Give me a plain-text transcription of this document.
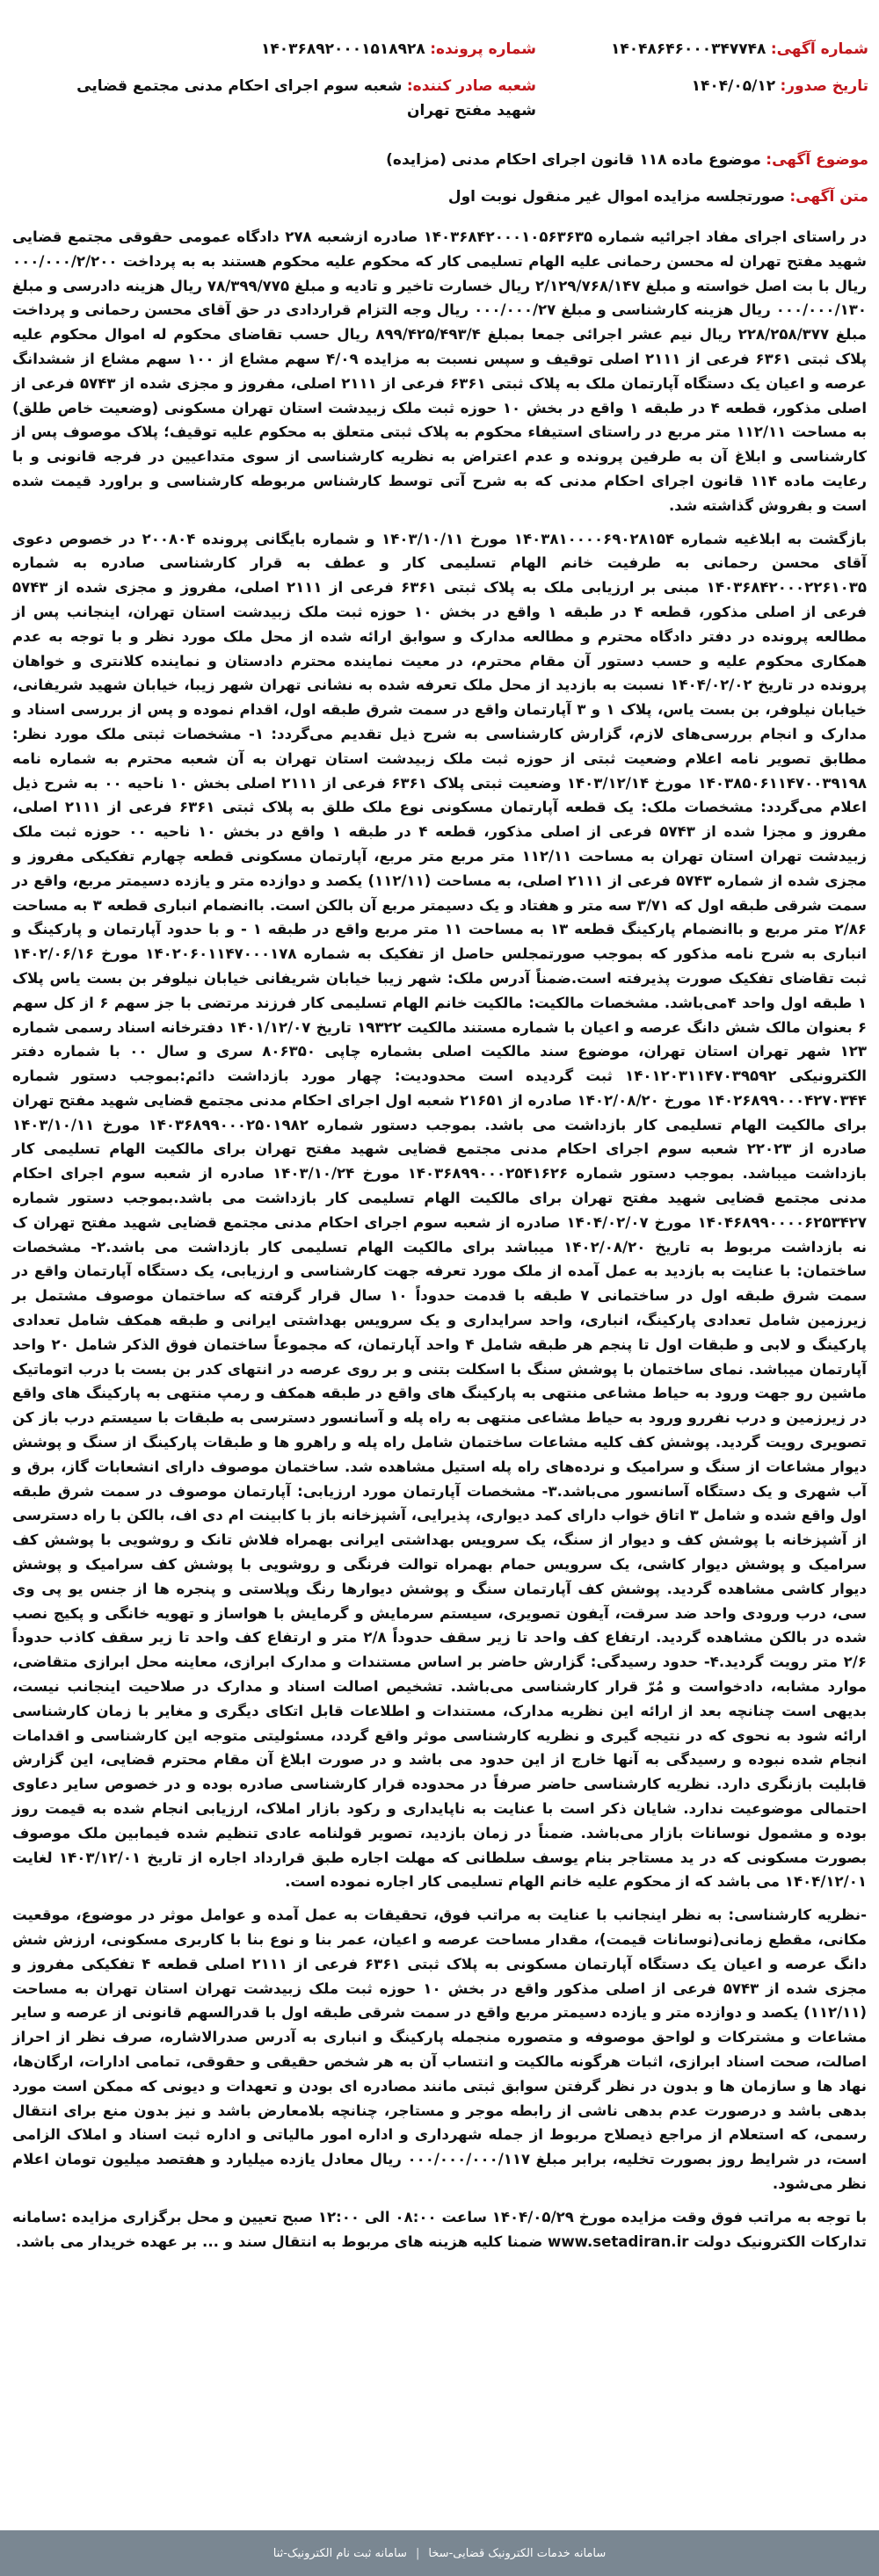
شماره آگهی: ۱۴۰۴۸۶۴۶۰۰۰۳۴۷۷۴۸
تاریخ صدور: ۱۴۰۴/۰۵/۱۲
شماره پرونده: ۱۴۰۳۶۸۹۲۰۰۰۱۵۱۸۹۲۸
شعبه صادر کننده: شعبه سوم اجرای احکام مدنی مجتمع قضایی شهید مفتح تهران
موضوع آگهی: موضوع ماده ۱۱۸ قانون اجرای احکام مدنی (مزایده)
متن آگهی: صورتجلسه مزایده اموال غیر منقول نوبت اول

در راستای اجرای مفاد اجرائیه شماره ۱۴۰۳۶۸۴۲۰۰۰۱۰۵۶۳۶۳۵ صادره ازشعبه ۲۷۸ دادگاه عمومی حقوقی مجتمع قضایی شهید مفتح تهران له محسن رحمانی علیه الهام تسلیمی کار که محکوم علیه محکوم هستند به به پرداخت ۰۰۰/۰۰۰/۲/۲۰۰ ریال با بت اصل خواسته و مبلغ ۲/۱۲۹/۷۶۸/۱۴۷ ریال خسارت تاخیر و تادیه و مبلغ ۷۸/۳۹۹/۷۷۵ ریال هزینه دادرسی و مبلغ ۰۰۰/۰۰۰/۱۳۰ ریال هزینه کارشناسی و مبلغ ۰۰۰/۰۰۰/۲۷ ریال وجه التزام قراردادی در حق آقای محسن رحمانی و پرداخت مبلغ ۲۲۸/۲۵۸/۳۷۷ ریال نیم عشر اجرائی جمعا بمبلغ ۸۹۹/۴۲۵/۴۹۳/۴ ریال حسب تقاضای محکوم له اموال محکوم علیه پلاک ثبتی ۶۳۶۱ فرعی از ۲۱۱۱ اصلی توقیف و سپس نسبت به مزایده ۴/۰۹ سهم مشاع از ۱۰۰ سهم مشاع از ششدانگ عرصه و اعیان یک دستگاه آپارتمان ملک به پلاک ثبتی ۶۳۶۱ فرعی از ۲۱۱۱ اصلی، مفروز و مجزی شده از ۵۷۴۳ فرعی از اصلی مذکور، قطعه ۴ در طبقه ۱ واقع در بخش ۱۰ حوزه ثبت ملک زبیدشت استان تهران مسکونی (وضعیت خاص طلق) به مساحت ۱۱۲/۱۱ متر مربع در راستای استیفاء محکوم به پلاک ثبتی متعلق به محکوم علیه توقیف؛ پلاک موصوف پس از کارشناسی و ابلاغ آن به طرفین پرونده و عدم اعتراض به نظریه کارشناسی از سوی متداعیین در فرجه قانونی و با رعایت ماده ۱۱۴ قانون اجرای احکام مدنی که به شرح آتی توسط کارشناس مربوطه کارشناسی و براورد قیمت شده است و بفروش گذاشته شد.

بازگشت به ابلاغیه شماره ۱۴۰۳۸۱۰۰۰۰۶۹۰۲۸۱۵۴ مورخ ۱۴۰۳/۱۰/۱۱ و شماره بایگانی پرونده ۲۰۰۸۰۴ در خصوص دعوی آقای محسن رحمانی به طرفیت خانم الهام تسلیمی کار و عطف به قرار کارشناسی صادره به شماره ۱۴۰۳۶۸۴۲۰۰۰۲۲۶۱۰۳۵ مبنی بر ارزیابی ملک به پلاک ثبتی ۶۳۶۱ فرعی از ۲۱۱۱ اصلی، مفروز و مجزی شده از ۵۷۴۳ فرعی از اصلی مذکور، قطعه ۴ در طبقه ۱ واقع در بخش ۱۰ حوزه ثبت ملک زبیدشت استان تهران، اینجانب پس از مطالعه پرونده در دفتر دادگاه محترم و مطالعه مدارک و سوابق ارائه شده از محل ملک مورد نظر و با توجه به عدم همکاری محکوم علیه و حسب دستور آن مقام محترم، در معیت نماینده محترم دادستان و نماینده کلانتری و خواهان پرونده در تاریخ ۱۴۰۴/۰۲/۰۲ نسبت به بازدید از محل ملک تعرفه شده به نشانی تهران شهر زیبا، خیابان شهید شریفانی، خیابان نیلوفر، بن بست یاس، پلاک ۱ و ۳ آپارتمان واقع در سمت شرق طبقه اول، اقدام نموده و پس از بررسی اسناد و مدارک و انجام بررسی‌های لازم، گزارش کارشناسی به شرح ذیل تقدیم می‌گردد: ۱- مشخصات ثبتی ملک مورد نظر: مطابق تصویر نامه اعلام وضعیت ثبتی از حوزه ثبت ملک زبیدشت استان تهران به آن شعبه محترم به شماره نامه ۱۴۰۳۸۵۰۶۱۱۴۷۰۰۳۹۱۹۸ مورخ ۱۴۰۳/۱۲/۱۴ وضعیت ثبتی پلاک ۶۳۶۱ فرعی از ۲۱۱۱ اصلی بخش ۱۰ ناحیه ۰۰ به شرح ذیل اعلام می‌گردد: مشخصات ملک: یک قطعه آپارتمان مسکونی نوع ملک طلق به پلاک ثبتی ۶۳۶۱ فرعی از ۲۱۱۱ اصلی، مفروز و مجزا شده از ۵۷۴۳ فرعی از اصلی مذکور، قطعه ۴ در طبقه ۱ واقع در بخش ۱۰ ناحیه ۰۰ حوزه ثبت ملک زبیدشت تهران استان تهران به مساحت ۱۱۲/۱۱ متر مربع متر مربع، آپارتمان مسکونی قطعه چهارم تفکیکی مفروز و مجزی شده از شماره ۵۷۴۳ فرعی از ۲۱۱۱ اصلی، به مساحت (۱۱۲/۱۱) یکصد و دوازده متر و یازده دسیمتر مربع، واقع در سمت شرقی طبقه اول که ۳/۷۱ سه متر و هفتاد و یک دسیمتر مربع آن بالکن است. باانضمام انباری قطعه ۳ به مساحت ۲/۸۶ متر مربع و باانضمام پارکینگ قطعه ۱۳ به مساحت ۱۱ متر مربع واقع در طبقه ۱ - و با حدود آپارتمان و پارکینگ و انباری به شرح نامه مذکور که بموجب صورتمجلس حاصل از تفکیک به شماره ۱۴۰۲۰۶۰۱۱۴۷۰۰۰۱۷۸ مورخ ۱۴۰۲/۰۶/۱۶ ثبت تقاضای تفکیک صورت پذیرفته است.ضمناً آدرس ملک: شهر زیبا خیابان شریفانی خیابان نیلوفر بن بست یاس پلاک ۱ طبقه اول واحد ۴می‌باشد. مشخصات مالکیت: مالکیت خانم الهام تسلیمی کار فرزند مرتضی با جز سهم ۶ از کل سهم ۶ بعنوان مالک شش دانگ عرصه و اعیان با شماره مستند مالکیت ۱۹۳۲۲ تاریخ ۱۴۰۱/۱۲/۰۷ دفترخانه اسناد رسمی شماره ۱۲۳ شهر تهران استان تهران، موضوع سند مالکیت اصلی بشماره چاپی ۸۰۶۳۵۰ سری و سال ۰۰ با شماره دفتر الکترونیکی ۱۴۰۱۲۰۳۱۱۴۷۰۳۹۵۹۲ ثبت گردیده است محدودیت: چهار مورد بازداشت دائم:بموجب دستور شماره ۱۴۰۲۶۸۹۹۰۰۰۴۲۷۰۳۴۴ مورخ ۱۴۰۲/۰۸/۲۰ صادره از ۲۱۶۵۱ شعبه اول اجرای احکام مدنی مجتمع قضایی شهید مفتح تهران برای مالکیت الهام تسلیمی کار بازداشت می باشد. بموجب دستور شماره ۱۴۰۳۶۸۹۹۰۰۰۲۵۰۱۹۸۲ مورخ ۱۴۰۳/۱۰/۱۱ صادره از ۲۲۰۲۳ شعبه سوم اجرای احکام مدنی مجتمع قضایی شهید مفتح تهران برای مالکیت الهام تسلیمی کار بازداشت میباشد. بموجب دستور شماره ۱۴۰۳۶۸۹۹۰۰۰۲۵۴۱۶۲۶ مورخ ۱۴۰۳/۱۰/۲۴ صادره از شعبه سوم اجرای احکام مدنی مجتمع قضایی شهید مفتح تهران برای مالکیت الهام تسلیمی کار بازداشت می باشد.بموجب دستور شماره ۱۴۰۴۶۸۹۹۰۰۰۰۶۲۵۳۴۲۷ مورخ ۱۴۰۴/۰۲/۰۷ صادره از شعبه سوم اجرای احکام مدنی مجتمع قضایی شهید مفتح تهران ک نه بازداشت مربوط به تاریخ ۱۴۰۲/۰۸/۲۰ میباشد برای مالکیت الهام تسلیمی کار بازداشت می باشد.۲- مشخصات ساختمان: با عنایت به بازدید به عمل آمده از ملک مورد تعرفه جهت کارشناسی و ارزیابی، یک دستگاه آپارتمان واقع در سمت شرق طبقه اول در ساختمانی ۷ طبقه با قدمت حدوداً ۱۰ سال قرار گرفته که ساختمان موصوف مشتمل بر زیرزمین شامل تعدادی پارکینگ، انباری، واحد سرایداری و یک سرویس بهداشتی ایرانی و طبقه همکف شامل تعدادی پارکینگ و لابی و طبقات اول تا پنجم هر طبقه شامل ۴ واحد آپارتمان، که مجموعاً ساختمان فوق الذکر شامل ۲۰ واحد آپارتمان میباشد. نمای ساختمان با پوشش سنگ با اسکلت بتنی و بر روی عرصه در انتهای کدر بن بست با درب اتوماتیک ماشین رو جهت ورود به حیاط مشاعی منتهی به پارکینگ های واقع در طبقه همکف و رمپ منتهی به پارکینگ های واقع در زیرزمین و درب نفررو ورود به حیاط مشاعی منتهی به راه پله و آسانسور دسترسی به طبقات با سیستم درب باز کن تصویری رویت گردید. پوشش کف کلیه مشاعات ساختمان شامل راه پله و راهرو ها و طبقات پارکینگ از سنگ و پوشش دیوار مشاعات از سنگ و سرامیک و نرده‌های راه پله استیل مشاهده شد. ساختمان موصوف دارای انشعابات گاز، برق و آب شهری و یک دستگاه آسانسور می‌باشد.۳- مشخصات آپارتمان مورد ارزیابی: آپارتمان موصوف در سمت شرق طبقه اول واقع شده و شامل ۳ اتاق خواب دارای کمد دیواری، پذیرایی، آشپزخانه باز با کابینت ام دی اف، بالکن با راه دسترسی از آشپزخانه با پوشش کف و دیوار از سنگ، یک سرویس بهداشتی ایرانی بهمراه فلاش تانک و روشویی با پوشش کف سرامیک و پوشش دیوار کاشی، یک سرویس حمام بهمراه توالت فرنگی و روشویی با پوشش کف سرامیک و پوشش دیوار کاشی مشاهده گردید. پوشش کف آپارتمان سنگ و پوشش دیوارها رنگ وپلاستی و پنجره ها از جنس یو پی وی سی، درب ورودی واحد ضد سرقت، آیفون تصویری، سیستم سرمایش و گرمایش با هواساز و تهویه خانگی و پکیج نصب شده در بالکن مشاهده گردید. ارتفاع کف واحد تا زیر سقف حدوداً ۲/۸ متر و ارتفاع کف واحد تا زیر سقف کاذب حدوداً ۲/۶ متر رویت گردید.۴- حدود رسیدگی: گزارش حاضر بر اساس مستندات و مدارک ابرازی، معاینه محل ابرازی متقاضی، موارد مشابه، دادخواست و مُرّ قرار کارشناسی می‌باشد. تشخیص اصالت اسناد و مدارک در صلاحیت اینجانب نیست، بدیهی است چنانچه بعد از ارائه این نظریه مدارک، مستندات و اطلاعات قابل اتکای دیگری و مغایر با زمان کارشناسی ارائه شود به نحوی که در نتیجه گیری و نظریه کارشناسی موثر واقع گردد، مسئولیتی متوجه این کارشناسی و اقدامات انجام شده نبوده و رسیدگی به آنها خارج از این حدود می باشد و در صورت ابلاغ آن مقام محترم قضایی، این گزارش قابلیت بازنگری دارد. نظریه کارشناسی حاضر صرفاً در محدوده قرار کارشناسی صادره بوده و در خصوص سایر دعاوی احتمالی موضوعیت ندارد. شایان ذکر است با عنایت به ناپایداری و رکود بازار املاک، ارزیابی انجام شده به قیمت روز بوده و مشمول نوسانات بازار می‌باشد. ضمناً در زمان بازدید، تصویر قولنامه عادی تنظیم شده فیمابین ملک موصوف بصورت مسکونی که در ید مستاجر بنام یوسف سلطانی که مهلت اجاره طبق قرارداد اجاره از تاریخ ۱۴۰۳/۱۲/۰۱ لغایت ۱۴۰۴/۱۲/۰۱ می باشد که از محکوم علیه خانم الهام تسلیمی کار اجاره نموده است.

-نظریه کارشناسی: به نظر اینجانب با عنایت به مراتب فوق، تحقیقات به عمل آمده و عوامل موثر در موضوع، موقعیت مکانی، مقطع زمانی(نوسانات قیمت)، مقدار مساحت عرصه و اعیان، عمر بنا و نوع بنا با کاربری مسکونی، ارزش شش دانگ عرصه و اعیان یک دستگاه آپارتمان مسکونی به پلاک ثبتی ۶۳۶۱ فرعی از ۲۱۱۱ اصلی قطعه ۴ تفکیکی مفروز و مجزی شده از ۵۷۴۳ فرعی از اصلی مذکور واقع در بخش ۱۰ حوزه ثبت ملک زبیدشت تهران استان تهران به مساحت (۱۱۲/۱۱) یکصد و دوازده متر و یازده دسیمتر مربع واقع در سمت شرقی طبقه اول با قدرالسهم قانونی از عرصه و سایر مشاعات و مشترکات و لواحق موصوفه و متصوره منجمله پارکینگ و انباری به آدرس صدرالاشاره، صرف نظر از احراز اصالت، صحت اسناد ابرازی، اثبات هرگونه مالکیت و انتساب آن به هر شخص حقیقی و حقوقی، تمامی ادارات، ارگان‌ها، نهاد ها و سازمان ها و بدون در نظر گرفتن سوابق ثبتی مانند مصادره ای بودن و تعهدات و دیونی که ممکن است مورد بدهی باشد و درصورت عدم بدهی ناشی از رابطه موجر و مستاجر، چنانچه بلامعارض باشد و نیز بدون منع برای انتقال رسمی، که استعلام از مراجع ذیصلاح مربوط از جمله شهرداری و اداره امور مالیاتی و اداره ثبت اسناد و املاک الزامی است، در شرایط روز بصورت تخلیه، برابر مبلغ ۰۰۰/۰۰۰/۰۰۰/۱۱۷ ریال معادل یازده میلیارد و هفتصد میلیون تومان اعلام نظر می‌شود.

با توجه به مراتب فوق وقت مزایده مورخ ۱۴۰۴/۰۵/۲۹ ساعت ۰۸:۰۰ الی ۱۲:۰۰ صبح تعیین و محل برگزاری مزایده :سامانه تدارکات الکترونیک دولت www.setadiran.ir ضمنا کلیه هزینه های مربوط به انتقال سند و ... بر عهده خریدار می باشد.

سامانه خدمات الکترونیک قضایی-سخا
|
سامانه ثبت نام الکترونیک-ثنا
